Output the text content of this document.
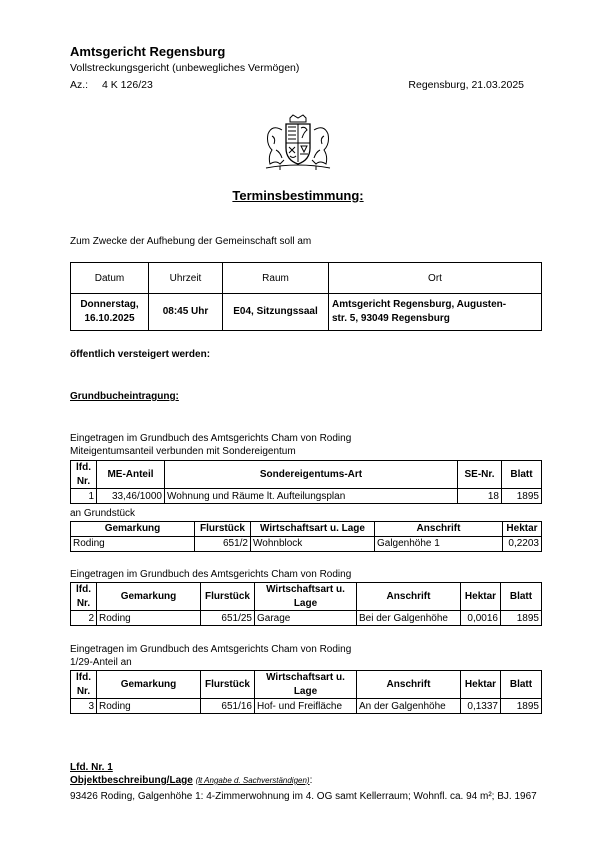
Amtsgericht Regensburg
Vollstreckungsgericht (unbewegliches Vermögen)
Az.: 4 K 126/23	Regensburg, 21.03.2025
Terminsbestimmung:
Zum Zwecke der Aufhebung der Gemeinschaft soll am
Datum	Uhrzeit	Raum	Ort
Donnerstag,
16.10.2025	08:45 Uhr	E04, Sitzungssaal	Amtsgericht Regensburg, Augusten-
str. 5, 93049 Regensburg
öffentlich versteigert werden:
Grundbucheintragung:
Eingetragen im Grundbuch des Amtsgerichts Cham von Roding
Miteigentumsanteil verbunden mit Sondereigentum
lfd. Nr.	ME-Anteil	Sondereigentums-Art	SE-Nr.	Blatt
1	33,46/1000	Wohnung und Räume lt. Aufteilungsplan	18	1895
an Grundstück
Gemarkung	Flurstück	Wirtschaftsart u. Lage	Anschrift	Hektar
Roding	651/2	Wohnblock	Galgenhöhe 1	0,2203
Eingetragen im Grundbuch des Amtsgerichts Cham von Roding
lfd. Nr.	Gemarkung	Flurstück	Wirtschaftsart u. Lage	Anschrift	Hektar	Blatt
2	Roding	651/25	Garage	Bei der Galgenhöhe	0,0016	1895
Eingetragen im Grundbuch des Amtsgerichts Cham von Roding
1/29-Anteil an
lfd. Nr.	Gemarkung	Flurstück	Wirtschaftsart u. Lage	Anschrift	Hektar	Blatt
3	Roding	651/16	Hof- und Freifläche	An der Galgenhöhe	0,1337	1895
Lfd. Nr. 1
Objektbeschreibung/Lage (lt Angabe d. Sachverständigen):
93426 Roding, Galgenhöhe 1: 4-Zimmerwohnung im 4. OG samt Kellerraum; Wohnfl. ca. 94 m²; BJ. 1967
